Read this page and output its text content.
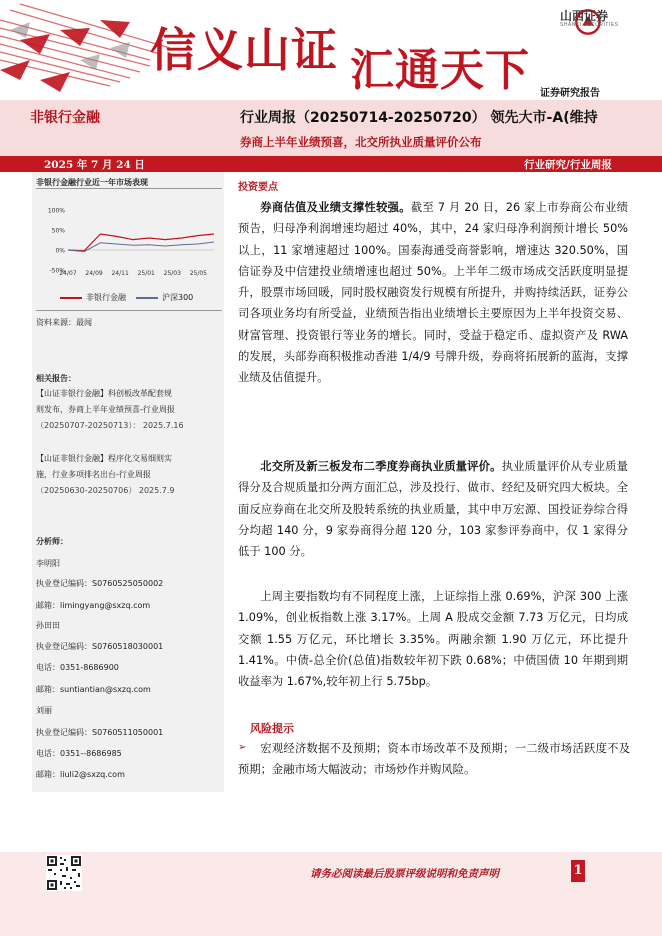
信义山证 汇通天下
山西证券
SHANXI SECURITIES
证券研究报告
非银行金融	行业周报（20250714-20250720） 领先大市-A(维持
券商上半年业绩预喜，北交所执业质量评价公布
2025 年 7 月 24 日	行业研究/行业周报
非银行金融行业近一年市场表现
100%
50%
0%
-50%
24/07 24/09 24/11 25/01 25/03 25/05
非银行金融	沪深300
资料来源：最闻
相关报告：
【山证非银行金融】科创板改革配套规
则发布，券商上半年业绩预喜-行业周报
（20250707-20250713）： 2025.7.16
【山证非银行金融】程序化交易细则实
施，行业多项排名出台-行业周报
（20250630-20250706） 2025.7.9
分析师：
李明阳
执业登记编码：S0760525050002
邮箱：limingyang@sxzq.com
孙田田
执业登记编码：S0760518030001
电话：0351-8686900
邮箱：suntiantian@sxzq.com
刘丽
执业登记编码：S0760511050001
电话：0351--8686985
邮箱：liuli2@sxzq.com
投资要点
券商估值及业绩支撑性较强。截至 7 月 20 日，26 家上市券商公布业绩预告，归母净利润增速均超过 40%，其中，24 家归母净利润预计增长 50%以上，11 家增速超过 100%。国泰海通受商誉影响，增速达 320.50%，国信证券及中信建投业绩增速也超过 50%。上半年二级市场成交活跃度明显提升，股票市场回暖，同时股权融资发行规模有所提升，并购持续活跃，证券公司各项业务均有所受益，业绩预告指出业绩增长主要原因为上半年投资交易、财富管理、投资银行等业务的增长。同时，受益于稳定币、虚拟资产及 RWA 的发展，头部券商积极推动香港 1/4/9 号牌升级，券商将拓展新的蓝海，支撑业绩及估值提升。
北交所及新三板发布二季度券商执业质量评价。执业质量评价从专业质量得分及合规质量扣分两方面汇总，涉及投行、做市、经纪及研究四大板块。全面反应券商在北交所及股转系统的执业质量，其中申万宏源、国投证券综合得分均超 140 分，9 家券商得分超 120 分，103 家参评券商中，仅 1 家得分低于 100 分。
上周主要指数均有不同程度上涨，上证综指上涨 0.69%，沪深 300 上涨 1.09%，创业板指数上涨 3.17%。上周 A 股成交金额 7.73 万亿元，日均成交额 1.55 万亿元，环比增长 3.35%。两融余额 1.90 万亿元，环比提升 1.41%。中债-总全价(总值)指数较年初下跌 0.68%；中债国债 10 年期到期收益率为 1.67%,较年初上行 5.75bp。
风险提示
➢	宏观经济数据不及预期；资本市场改革不及预期；一二级市场活跃度不及预期；金融市场大幅波动；市场炒作并购风险。
请务必阅读最后股票评级说明和免责声明	1
